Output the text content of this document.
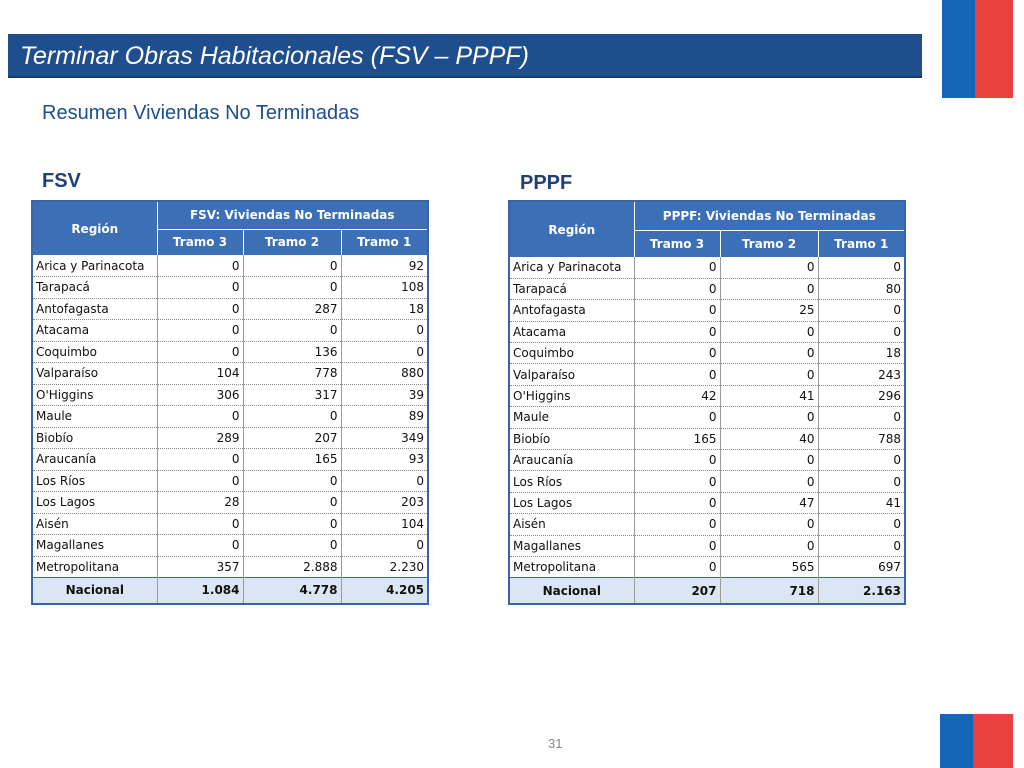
Terminar Obras Habitacionales (FSV – PPPF)
Resumen Viviendas No Terminadas
FSV	PPPF
Región	FSV: Viviendas No Terminadas		
	Tramo 3	Tramo 2	Tramo 1
Arica y Parinacota	0	0	92
Tarapacá	0	0	108
Antofagasta	0	287	18
Atacama	0	0	0
Coquimbo	0	136	0
Valparaíso	104	778	880
O'Higgins	306	317	39
Maule	0	0	89
Biobío	289	207	349
Araucanía	0	165	93
Los Ríos	0	0	0
Los Lagos	28	0	203
Aisén	0	0	104
Magallanes	0	0	0
Metropolitana	357	2.888	2.230
Nacional	1.084	4.778	4.205
Región	PPPF: Viviendas No Terminadas		
	Tramo 3	Tramo 2	Tramo 1
Arica y Parinacota	0	0	0
Tarapacá	0	0	80
Antofagasta	0	25	0
Atacama	0	0	0
Coquimbo	0	0	18
Valparaíso	0	0	243
O'Higgins	42	41	296
Maule	0	0	0
Biobío	165	40	788
Araucanía	0	0	0
Los Ríos	0	0	0
Los Lagos	0	47	41
Aisén	0	0	0
Magallanes	0	0	0
Metropolitana	0	565	697
Nacional	207	718	2.163
31
